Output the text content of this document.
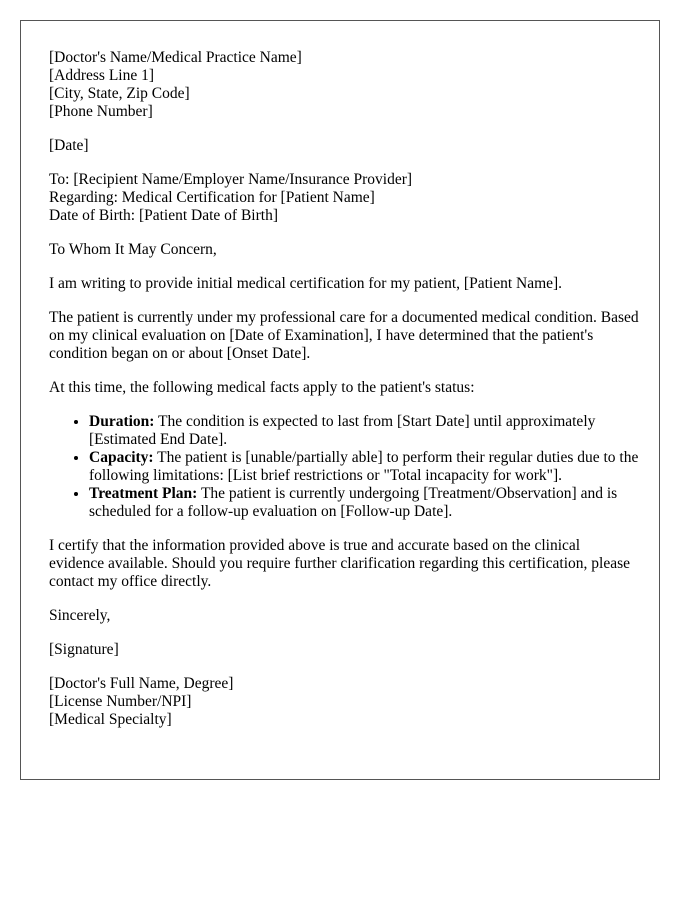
[Doctor's Name/Medical Practice Name]
[Address Line 1]
[City, State, Zip Code]
[Phone Number]

[Date]

To: [Recipient Name/Employer Name/Insurance Provider]
Regarding: Medical Certification for [Patient Name]
Date of Birth: [Patient Date of Birth]

To Whom It May Concern,

I am writing to provide initial medical certification for my patient, [Patient Name].

The patient is currently under my professional care for a documented medical condition. Based on my clinical evaluation on [Date of Examination], I have determined that the patient's condition began on or about [Onset Date].

At this time, the following medical facts apply to the patient's status:

• Duration: The condition is expected to last from [Start Date] until approximately [Estimated End Date].
• Capacity: The patient is [unable/partially able] to perform their regular duties due to the following limitations: [List brief restrictions or "Total incapacity for work"].
• Treatment Plan: The patient is currently undergoing [Treatment/Observation] and is scheduled for a follow-up evaluation on [Follow-up Date].

I certify that the information provided above is true and accurate based on the clinical evidence available. Should you require further clarification regarding this certification, please contact my office directly.

Sincerely,

[Signature]

[Doctor's Full Name, Degree]
[License Number/NPI]
[Medical Specialty]
